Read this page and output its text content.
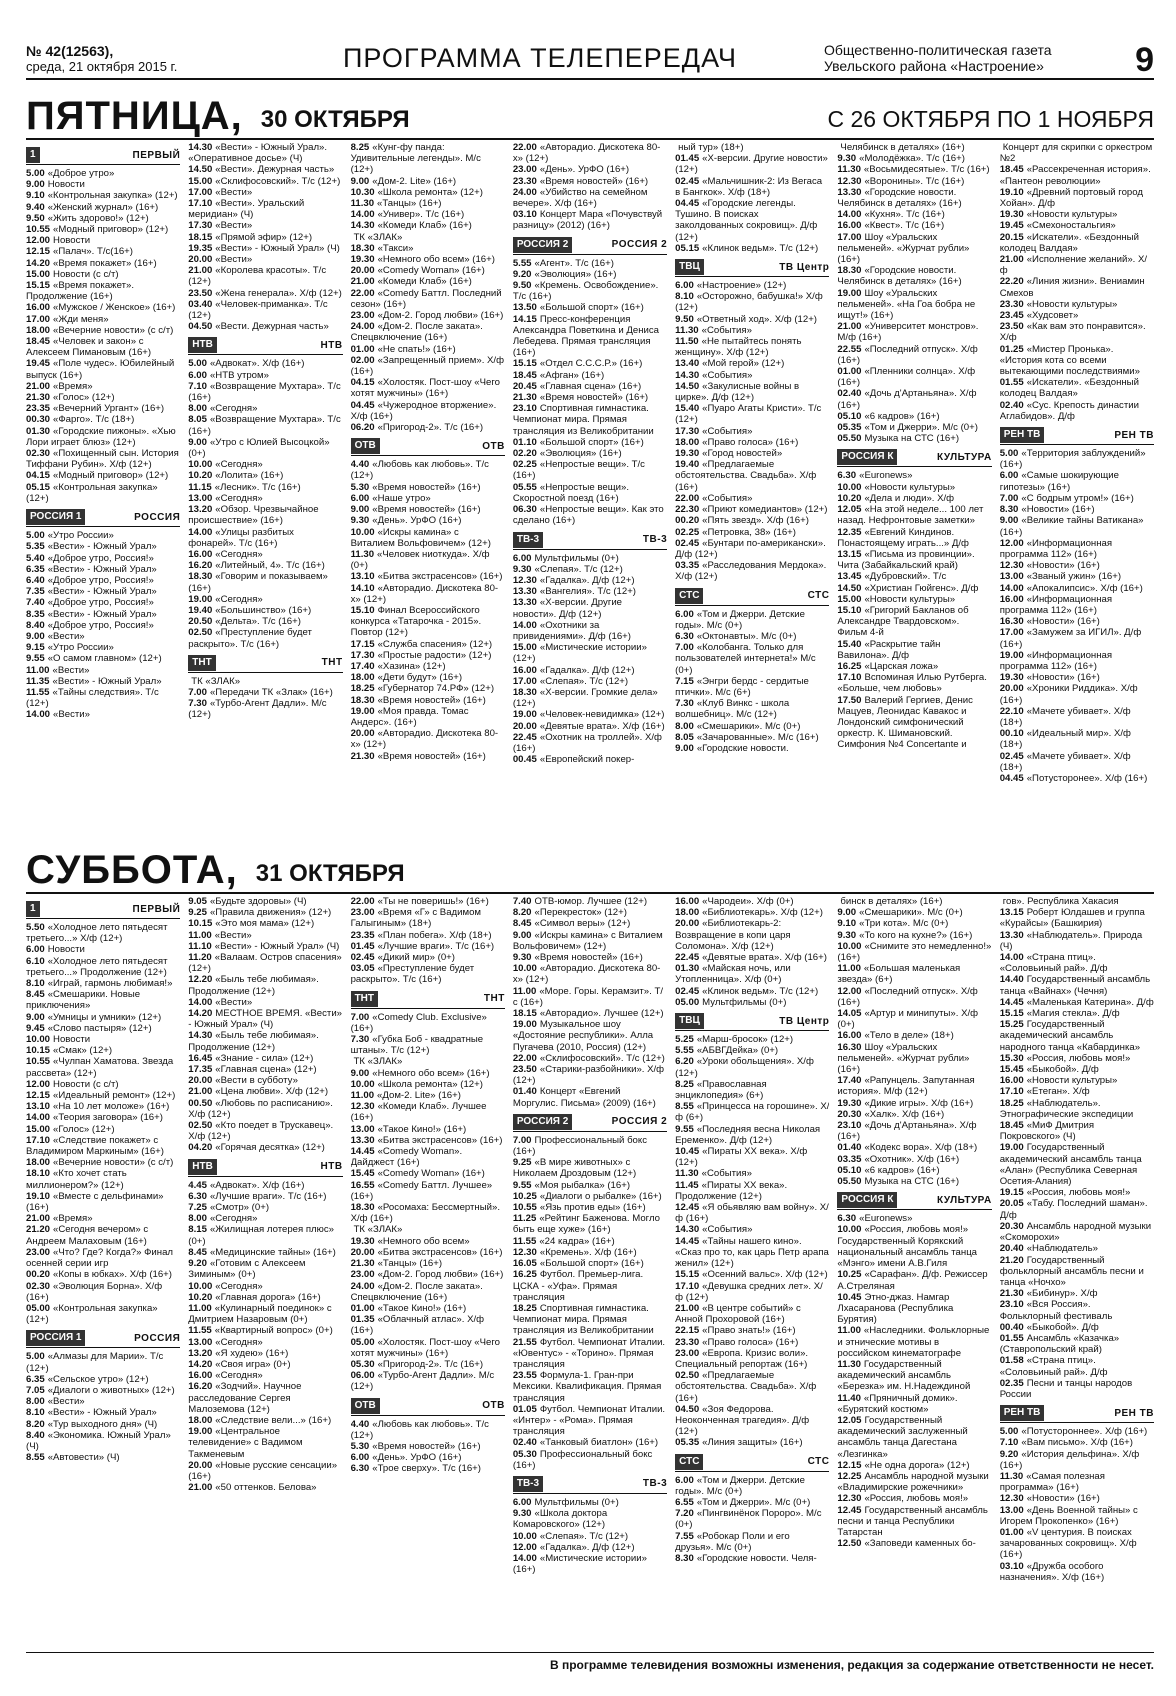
№ 42(12563),
среда, 21 октября 2015 г.	ПРОГРАММА ТЕЛЕПЕРЕДАЧ	Общественно-политическая газета Увельского района «Настроение»	9
ПЯТНИЦА, 30 ОКТЯБРЯ	С 26 ОКТЯБРЯ ПО 1 НОЯБРЯ
1	ПЕРВЫЙ

5.00 «Доброе утро»

9.00 Новости

9.10 «Контрольная закупка» (12+)

9.40 «Женский журнал» (16+)

9.50 «Жить здорово!» (12+)

10.55 «Модный приговор» (12+)

12.00 Новости

12.15 «Палач». Т/с(16+)

14.20 «Время покажет» (16+)

15.00 Новости (с с/т)

15.15 «Время покажет». Продолжение (16+)

16.00 «Мужское / Женское» (16+)

17.00 «Жди меня»

18.00 «Вечерние новости» (с с/т)

18.45 «Человек и закон» с Алексеем Пимановым (16+)

19.45 «Поле чудес». Юбилейный выпуск (16+)

21.00 «Время»

21.30 «Голос» (12+)

23.35 «Вечерний Ургант» (16+)

00.30 «Фарго». Т/с (18+)

01.30 «Городские пижоны». «Хью Лори играет блюз» (12+)

02.30 «Похищенный сын. История Тиффани Рубин». Х/ф (12+)

04.15 «Модный приговор» (12+)

05.15 «Контрольная закупка» (12+)

РОССИЯ 1	РОССИЯ

5.00 «Утро России»

5.35 «Вести» - Южный Урал»

5.40 «Доброе утро, Россия!»

6.35 «Вести» - Южный Урал»

6.40 «Доброе утро, Россия!»

7.35 «Вести» - Южный Урал»

7.40 «Доброе утро, Россия!»

8.35 «Вести» - Южный Урал»

8.40 «Доброе утро, Россия!»

9.00 «Вести»

9.15 «Утро России»

9.55 «О самом главном» (12+)

11.00 «Вести»

11.35 «Вести» - Южный Урал»

11.55 «Тайны следствия». Т/с (12+)

14.00 «Вести»

14.30 «Вести» - Южный Урал». «Оперативное досье» (Ч)

14.50 «Вести». Дежурная часть»

15.00 «Склифосовский». Т/с (12+)

17.00 «Вести»

17.10 «Вести». Уральский меридиан» (Ч)

17.30 «Вести»

18.15 «Прямой эфир» (12+)

19.35 «Вести» - Южный Урал» (Ч)

20.00 «Вести»

21.00 «Королева красоты». Т/с (12+)

23.50 «Жена генерала». Х/ф (12+)

03.40 «Человек-приманка». Т/с (12+)

04.50 «Вести. Дежурная часть»

НТВ	НТВ

5.00 «Адвокат». Х/ф (16+)

6.00 «НТВ утром»

7.10 «Возвращение Мухтара». Т/с (16+)

8.00 «Сегодня»

8.05 «Возвращение Мухтара». Т/с (16+)

9.00 «Утро с Юлией Высоцкой» (0+)

10.00 «Сегодня»

10.20 «Лолита» (16+)

11.15 «Лесник». Т/с (16+)

13.00 «Сегодня»

13.20 «Обзор. Чрезвычайное происшествие» (16+)

14.00 «Улицы разбитых фонарей». Т/с (16+)

16.00 «Сегодня»

16.20 «Литейный, 4». Т/с (16+)

18.30 «Говорим и показываем» (16+)

19.00 «Сегодня»

19.40 «Большинство» (16+)

20.50 «Дельта». Т/с (16+)

02.50 «Преступление будет раскрыто». Т/с (16+)

ТНТ	ТНТ

ТК «ЗЛАК»

7.00 «Передачи ТК «Злак» (16+)

7.30 «Турбо-Агент Дадли». М/с (12+)

8.25 «Кунг-фу панда: Удивительные легенды». М/с (12+)

9.00 «Дом-2. Lite» (16+)

10.30 «Школа ремонта» (12+)

11.30 «Танцы» (16+)

14.00 «Универ». Т/с (16+)

14.30 «Комеди Клаб» (16+)

ТК «ЗЛАК»

18.30 «Такси»

19.30 «Немного обо всем» (16+)

20.00 «Comedy Woman» (16+)

21.00 «Комеди Клаб» (16+)

22.00 «Comedy Баттл. Последний сезон» (16+)

23.00 «Дом-2. Город любви» (16+)

24.00 «Дом-2. После заката». Спецвключение (16+)

01.00 «Не спать!» (16+)

02.00 «Запрещенный прием». Х/ф (16+)

04.15 «Холостяк. Пост-шоу «Чего хотят мужчины» (16+)

04.45 «Чужеродное вторжение». Х/ф (16+)

06.20 «Пригород-2». Т/с (16+)

ОТВ	ОТВ

4.40 «Любовь как любовь». Т/с (12+)

5.30 «Время новостей» (16+)

6.00 «Наше утро»

9.00 «Время новостей» (16+)

9.30 «День». УрФО (16+)

10.00 «Искры камина» с Виталием Вольфовичем» (12+)

11.30 «Человек ниоткуда». Х/ф (0+)

13.10 «Битва экстрасенсов» (16+)

14.10 «Авторадио. Дискотека 80-х» (12+)

15.10 Финал Всероссийского конкурса «Татарочка - 2015». Повтор (12+)

17.15 «Служба спасения» (12+)

17.30 «Простые радости» (12+)

17.40 «Хазина» (12+)

18.00 «Дети будут» (16+)

18.25 «Губернатор 74.РФ» (12+)

18.30 «Время новостей» (16+)

19.00 «Моя правда. Томас Андерс». (16+)

20.00 «Авторадио. Дискотека 80-х» (12+)

21.30 «Время новостей» (16+)

22.00 «Авторадио. Дискотека 80-х» (12+)

23.00 «День». УрФО (16+)

23.30 «Время новостей» (16+)

24.00 «Убийство на семейном вечере». Х/ф (16+)

03.10 Концерт Мара «Почувствуй разницу» (2012) (16+)

РОССИЯ 2	РОССИЯ 2

5.55 «Агент». Т/с (16+)

9.20 «Эволюция» (16+)

9.50 «Кремень. Освобождение». Т/с (16+)

13.50 «Большой спорт» (16+)

14.15 Пресс-конференция Александра Поветкина и Дениса Лебедева. Прямая трансляция (16+)

15.15 «Отдел С.С.С.Р.» (16+)

18.45 «Афган» (16+)

20.45 «Главная сцена» (16+)

21.30 «Время новостей» (16+)

23.10 Спортивная гимнастика. Чемпионат мира. Прямая трансляция из Великобритании

01.10 «Большой спорт» (16+)

02.20 «Эволюция» (16+)

02.25 «Непростые вещи». Т/с (16+)

05.55 «Непростые вещи». Скоростной поезд (16+)

06.30 «Непростые вещи». Как это сделано (16+)

ТВ-3	ТВ-3

6.00 Мультфильмы (0+)

9.30 «Слепая». Т/с (12+)

12.30 «Гадалка». Д/ф (12+)

13.30 «Вангелия». Т/с (12+)

13.30 «Х-версии. Другие новости». Д/ф (12+)

14.00 «Охотники за привидениями». Д/ф (16+)

15.00 «Мистические истории» (12+)

16.00 «Гадалка». Д/ф (12+)

17.00 «Слепая». Т/с (12+)

18.30 «Х-версии. Громкие дела» (12+)

19.00 «Человек-невидимка» (12+)

20.00 «Девятые врата». Х/ф (16+)

22.45 «Охотник на троллей». Х/ф (16+)

00.45 «Европейский покер-

ный тур» (18+)

01.45 «Х-версии. Другие новости» (12+)

02.45 «Мальчишник-2: Из Вегаса в Бангкок». Х/ф (18+)

04.45 «Городские легенды. Тушино. В поисках заколдованных сокровищ». Д/ф (12+)

05.15 «Клинок ведьм». Т/с (12+)

ТВЦ	ТВ Центр

6.00 «Настроение» (12+)

8.10 «Осторожно, бабушка!» Х/ф (12+)

9.50 «Ответный ход». Х/ф (12+)

11.30 «События»

11.50 «Не пытайтесь понять женщину». Х/ф (12+)

13.40 «Мой герой» (12+)

14.30 «События»

14.50 «Закулисные войны в цирке». Д/ф (12+)

15.40 «Пуаро Агаты Кристи». Т/с (12+)

17.30 «События»

18.00 «Право голоса» (16+)

19.30 «Город новостей»

19.40 «Предлагаемые обстоятельства. Свадьба». Х/ф (16+)

22.00 «События»

22.30 «Приют комедиантов» (12+)

00.20 «Пять звезд». Х/ф (16+)

02.25 «Петровка, 38» (16+)

02.45 «Бунтари по-американски». Д/ф (12+)

03.35 «Расследования Мердока». Х/ф (12+)

СТС	СТС

6.00 «Том и Джерри. Детские годы». М/с (0+)

6.30 «Октонавты». М/с (0+)

7.00 «Колобанга. Только для пользователей интернета!» М/с (0+)

7.15 «Энгри бердс - сердитые птички». М/с (6+)

7.30 «Клуб Винкс - школа волшебниц». М/с (12+)

8.00 «Смешарики». М/с (0+)

8.05 «Зачарованные». М/с (16+)

9.00 «Городские новости.

Челябинск в деталях» (16+)

9.30 «Молодёжка». Т/с (16+)

11.30 «Восьмидесятые». Т/с (16+)

12.30 «Воронины». Т/с (16+)

13.30 «Городские новости. Челябинск в деталях» (16+)

14.00 «Кухня». Т/с (16+)

16.00 «Квест». Т/с (16+)

17.00 Шоу «Уральских пельменей». «Журчат рубли» (16+)

18.30 «Городские новости. Челябинск в деталях» (16+)

19.00 Шоу «Уральских пельменей». «На Гоа бобра не ищут!» (16+)

21.00 «Университет монстров». М/ф (16+)

22.55 «Последний отпуск». Х/ф (16+)

01.00 «Пленники солнца». Х/ф (16+)

02.40 «Дочь д'Артаньяна». Х/ф (16+)

05.10 «6 кадров» (16+)

05.35 «Том и Джерри». М/с (0+)

05.50 Музыка на СТС (16+)

РОССИЯ К	КУЛЬТУРА

6.30 «Euronews»

10.00 «Новости культуры»

10.20 «Дела и люди». Х/ф

12.05 «На этой неделе... 100 лет назад. Нефронтовые заметки»

12.35 «Евгений Киндинов. Понастоящему играть...» Д/ф

13.15 «Письма из провинции». Чита (Забайкальский край)

13.45 «Дубровский». Т/с

14.50 «Христиан Гюйгенс». Д/ф

15.00 «Новости культуры»

15.10 «Григорий Бакланов об Александре Твардовском». Фильм 4-й

15.40 «Раскрытие тайн Вавилона». Д/ф

16.25 «Царская ложа»

17.10 Вспоминая Илью Рутберга. «Больше, чем любовь»

17.50 Валерий Гергиев, Денис Мацуев, Леонидас Кавакос и Лондонский симфонический оркестр. К. Шимановский. Симфония №4 Concertante и

Концерт для скрипки с оркестром №2

18.45 «Рассекреченная история». «Пантеон революции»

19.10 «Древний портовый город Хойан». Д/ф

19.30 «Новости культуры»

19.45 «Смехоностальгия»

20.15 «Искатели». «Бездонный колодец Валдая»

21.00 «Исполнение желаний». Х/ф

22.20 «Линия жизни». Вениамин Смехов

23.30 «Новости культуры»

23.45 «Худсовет»

23.50 «Как вам это понравится». Х/ф

01.25 «Мистер Пронька». «История кота со всеми вытекающими последствиями»

01.55 «Искатели». «Бездонный колодец Валдая»

02.40 «Сус. Крепость династии Аглабидов». Д/ф

РЕН ТВ	РЕН ТВ

5.00 «Территория заблуждений» (16+)

6.00 «Самые шокирующие гипотезы» (16+)

7.00 «С бодрым утром!» (16+)

8.30 «Новости» (16+)

9.00 «Великие тайны Ватикана» (16+)

12.00 «Информационная программа 112» (16+)

12.30 «Новости» (16+)

13.00 «Званый ужин» (16+)

14.00 «Апокалипсис». Х/ф (16+)

16.00 «Информационная программа 112» (16+)

16.30 «Новости» (16+)

17.00 «Замужем за ИГИЛ». Д/ф (16+)

19.00 «Информационная программа 112» (16+)

19.30 «Новости» (16+)

20.00 «Хроники Риддика». Х/ф (16+)

22.10 «Мачете убивает». Х/ф (18+)

00.10 «Идеальный мир». Х/ф (18+)

02.45 «Мачете убивает». Х/ф (18+)

04.45 «Потусторонее». Х/ф (16+)

СУББОТА, 31 ОКТЯБРЯ
1	ПЕРВЫЙ

5.50 «Холодное лето пятьдесят третьего...» Х/ф (12+)

6.00 Новости

6.10 «Холодное лето пятьдесят третьего...» Продолжение (12+)

8.10 «Играй, гармонь любимая!»

8.45 «Смешарики. Новые приключения»

9.00 «Умницы и умники» (12+)

9.45 «Слово пастыря» (12+)

10.00 Новости

10.15 «Смак» (12+)

10.55 «Чулпан Хаматова. Звезда рассвета» (12+)

12.00 Новости (с с/т)

12.15 «Идеальный ремонт» (12+)

13.10 «На 10 лет моложе» (16+)

14.00 «Теория заговора» (16+)

15.00 «Голос» (12+)

17.10 «Следствие покажет» с Владимиром Маркиным» (16+)

18.00 «Вечерние новости» (с с/т)

18.10 «Кто хочет стать миллионером?» (12+)

19.10 «Вместе с дельфинами» (16+)

21.00 «Время»

21.20 «Сегодня вечером» с Андреем Малаховым (16+)

23.00 «Что? Где? Когда?» Финал осенней серии игр

00.20 «Копы в юбках». Х/ф (16+)

02.30 «Эволюция Борна». Х/ф (16+)

05.00 «Контрольная закупка» (12+)

РОССИЯ 1	РОССИЯ

5.00 «Алмазы для Марии». Т/с (12+)

6.35 «Сельское утро» (12+)

7.05 «Диалоги о животных» (12+)

8.00 «Вести»

8.10 «Вести» - Южный Урал»

8.20 «Тур выходного дня» (Ч)

8.40 «Экономика. Южный Урал» (Ч)

8.55 «Автовести» (Ч)

9.05 «Будьте здоровы» (Ч)

9.25 «Правила движения» (12+)

10.15 «Это моя мама» (12+)

11.00 «Вести»

11.10 «Вести» - Южный Урал» (Ч)

11.20 «Валаам. Остров спасения» (12+)

12.20 «Быль тебе любимая». Продолжение (12+)

14.00 «Вести»

14.20 МЕСТНОЕ ВРЕМЯ. «Вести» - Южный Урал» (Ч)

14.30 «Быль тебе любимая». Продолжение (12+)

16.45 «Знание - сила» (12+)

17.35 «Главная сцена» (12+)

20.00 «Вести в субботу»

21.00 «Цена любви». Х/ф (12+)

00.50 «Любовь по расписанию». Х/ф (12+)

02.50 «Кто поедет в Трускавец». Х/ф (12+)

04.20 «Горячая десятка» (12+)

НТВ	НТВ

4.45 «Адвокат». Х/ф (16+)

6.30 «Лучшие враги». Т/с (16+)

7.25 «Смотр» (0+)

8.00 «Сегодня»

8.15 «Жилищная лотерея плюс» (0+)

8.45 «Медицинские тайны» (16+)

9.20 «Готовим с Алексеем Зиминым» (0+)

10.00 «Сегодня»

10.20 «Главная дорога» (16+)

11.00 «Кулинарный поединок» с Дмитрием Назаровым (0+)

11.55 «Квартирный вопрос» (0+)

13.00 «Сегодня»

13.20 «Я худею» (16+)

14.20 «Своя игра» (0+)

16.00 «Сегодня»

16.20 «Зодчий». Научное расследование Сергея Малоземова (12+)

18.00 «Следствие вели...» (16+)

19.00 «Центральное телевидение» с Вадимом Такменевым

20.00 «Новые русские сенсации» (16+)

21.00 «50 оттенков. Белова»

22.00 «Ты не поверишь!» (16+)

23.00 «Время «Г» с Вадимом Галыгиным» (18+)

23.35 «План побега». Х/ф (18+)

01.45 «Лучшие враги». Т/с (16+)

02.45 «Дикий мир» (0+)

03.05 «Преступление будет раскрыто». Т/с (16+)

ТНТ	ТНТ

7.00 «Comedy Club. Exclusive» (16+)

7.30 «Губка Боб - квадратные штаны». Т/с (12+)

ТК «ЗЛАК»

9.00 «Немного обо всем» (16+)

10.00 «Школа ремонта» (12+)

11.00 «Дом-2. Lite» (16+)

12.30 «Комеди Клаб». Лучшее (16+)

13.00 «Такое Кино!» (16+)

13.30 «Битва экстрасенсов» (16+)

14.45 «Comedy Woman». Дайджест (16+)

15.45 «Comedy Woman» (16+)

16.55 «Comedy Баттл. Лучшее» (16+)

18.30 «Росомаха: Бессмертный». Х/ф (16+)

ТК «ЗЛАК»

19.30 «Немного обо всем»

20.00 «Битва экстрасенсов» (16+)

21.30 «Танцы» (16+)

23.00 «Дом-2. Город любви» (16+)

24.00 «Дом-2. После заката». Спецвключение (16+)

01.00 «Такое Кино!» (16+)

01.35 «Облачный атлас». Х/ф (16+)

05.00 «Холостяк. Пост-шоу «Чего хотят мужчины» (16+)

05.30 «Пригород-2». Т/с (16+)

06.00 «Турбо-Агент Дадли». М/с (12+)

ОТВ	ОТВ

4.40 «Любовь как любовь». Т/с (12+)

5.30 «Время новостей» (16+)

6.00 «День». УрФО (16+)

6.30 «Трое сверху». Т/с (16+)

7.40 ОТВ-юмор. Лучшее (12+)

8.20 «Перекресток» (12+)

8.45 «Символ веры» (12+)

9.00 «Искры камина» с Виталием Вольфовичем» (12+)

9.30 «Время новостей» (16+)

10.00 «Авторадио. Дискотека 80-х» (12+)

11.00 «Море. Горы. Керамзит». Т/с (16+)

18.15 «Авторадио». Лучшее (12+)

19.00 Музыкальное шоу «Достояние республики». Алла Пугачева (2010, Россия) (12+)

22.00 «Склифосовский». Т/с (12+)

23.50 «Старики-разбойники». Х/ф (12+)

01.40 Концерт «Евгений Моргулис. Письма» (2009) (16+)

РОССИЯ 2	РОССИЯ 2

7.00 Профессиональный бокс (16+)

9.25 «В мире животных» с Николаем Дроздовым (12+)

9.55 «Моя рыбалка» (16+)

10.25 «Диалоги о рыбалке» (16+)

10.55 «Язь против еды» (16+)

11.25 «Рейтинг Баженова. Могло быть еще хуже» (16+)

11.55 «24 кадра» (16+)

12.30 «Кремень». Х/ф (16+)

16.05 «Большой спорт» (16+)

16.25 Футбол. Премьер-лига. ЦСКА - «Уфа». Прямая трансляция

18.25 Спортивная гимнастика. Чемпионат мира. Прямая трансляция из Великобритании

21.55 Футбол. Чемпионат Италии. «Ювентус» - «Торино». Прямая трансляция

23.55 Формула-1. Гран-при Мексики. Квалификация. Прямая трансляция

01.05 Футбол. Чемпионат Италии. «Интер» - «Рома». Прямая трансляция

02.40 «Танковый биатлон» (16+)

05.30 Профессиональный бокс (16+)

ТВ-3	ТВ-3

6.00 Мультфильмы (0+)

9.30 «Школа доктора Комаровского» (12+)

10.00 «Слепая». Т/с (12+)

12.00 «Гадалка». Д/ф (12+)

14.00 «Мистические истории» (16+)

16.00 «Чародеи». Х/ф (0+)

18.00 «Библиотекарь». Х/ф (12+)

20.00 «Библиотекарь-2: Возвращение в копи царя Соломона». Х/ф (12+)

22.45 «Девятые врата». Х/ф (16+)

01.30 «Майская ночь, или Утопленница». Х/ф (0+)

02.45 «Клинок ведьм». Т/с (12+)

05.00 Мультфильмы (0+)

ТВЦ	ТВ Центр

5.25 «Марш-бросок» (12+)

5.55 «АБВГДейка» (0+)

6.20 «Уроки обольщения». Х/ф (12+)

8.25 «Православная энциклопедия» (6+)

8.55 «Принцесса на горошине». Х/ф (6+)

9.55 «Последняя весна Николая Еременко». Д/ф (12+)

10.45 «Пираты XX века». Х/ф (12+)

11.30 «События»

11.45 «Пираты XX века». Продолжение (12+)

12.45 «Я обьявляю вам войну». Х/ф (16+)

14.30 «События»

14.45 «Тайны нашего кино». «Сказ про то, как царь Петр арапа женил» (12+)

15.15 «Осенний вальс». Х/ф (12+)

17.10 «Девушка средних лет». Х/ф (12+)

21.00 «В центре событий» с Анной Прохоровой (16+)

22.15 «Право знать!» (16+)

23.30 «Право голоса» (16+)

23.00 «Европа. Кризис воли». Специальный репортаж (16+)

02.50 «Предлагаемые обстоятельства. Свадьба». Х/ф (16+)

04.50 «Зоя Федорова. Неоконченная трагедия». Д/ф (12+)

05.35 «Линия защиты» (16+)

СТС	СТС

6.00 «Том и Джерри. Детские годы». М/с (0+)

6.55 «Том и Джерри». М/с (0+)

7.20 «Пингвинёнок Пороро». М/с (0+)

7.55 «Робокар Поли и его друзья». М/с (0+)

8.30 «Городские новости. Челя-

бинск в деталях» (16+)

9.00 «Смешарики». М/с (0+)

9.10 «Три кота». М/с (0+)

9.30 «То кого на кухне?» (16+)

10.00 «Снимите это немедленно!» (16+)

11.00 «Большая маленькая звезда» (6+)

12.00 «Последний отпуск». Х/ф (16+)

14.05 «Артур и минипуты». Х/ф (0+)

16.00 «Тело в деле» (18+)

16.30 Шоу «Уральских пельменей». «Журчат рубли» (16+)

17.40 «Рапунцель. Запутанная история». М/ф (12+)

19.30 «Дикие игры». Х/ф (16+)

20.30 «Халк». Х/ф (16+)

23.10 «Дочь д'Артаньяна». Х/ф (16+)

01.40 «Кодекс вора». Х/ф (18+)

03.35 «Охотник». Х/ф (16+)

05.10 «6 кадров» (16+)

05.50 Музыка на СТС (16+)

РОССИЯ К	КУЛЬТУРА

6.30 «Euronews»

10.00 «Россия, любовь моя!» Государственный Корякский национальный ансамбль танца «Мэнго» имени А.В.Гиля

10.25 «Сарафан». Д/ф. Режиссер А.Стреляная

10.45 Этно-джаз. Намгар Лхасаранова (Республика Бурятия)

11.00 «Наследники. Фольклорные и этнические мотивы в российском кинематографе

11.30 Государственный академический ансамбль «Березка» им. Н.Надеждиной

11.40 «Пряничный домик». «Бурятский костюм»

12.05 Государственный академический заслуженный ансамбль танца Дагестана «Лезгинка»

12.15 «Не одна дорога» (12+)

12.25 Ансамбль народной музыки «Владимирские рожечники»

12.30 «Россия, любовь моя!»

12.45 Государственный ансамбль песни и танца Республики Татарстан

12.50 «Заповеди каменных бо-

гов». Республика Хакасия

13.15 Роберт Юлдашев и группа «Курайсы» (Башкирия)

13.30 «Наблюдатель». Природа (Ч)

14.00 «Страна птиц». «Соловьиный рай». Д/ф

14.40 Государственный ансамбль танца «Вайнах» (Чечня)

14.45 «Маленькая Катерина». Д/ф

15.15 «Магия стекла». Д/ф

15.25 Государственный академический ансамбль народного танца «Кабардинка»

15.30 «Россия, любовь моя!»

15.45 «Быкобой». Д/ф

16.00 «Новости культуры»

17.10 «Етеган». Х/ф

18.25 «Наблюдатель». Этнографические экспедиции

18.45 «МиФ Дмитрия Покровского» (Ч)

19.00 Государственный академический ансамбль танца «Алан» (Республика Северная Осетия-Алания)

19.15 «Россия, любовь моя!»

20.05 «Табу. Последний шаман». Д/ф

20.30 Ансамбль народной музыки «Скоморохи»

20.40 «Наблюдатель»

21.20 Государственный фольклорный ансамбль песни и танца «Ночхо»

21.30 «Бибинур». Х/ф

23.10 «Вся Россия». Фольклорный фестиваль

00.40 «Быкобой». Д/ф

01.55 Ансамбль «Казачка» (Ставропольский край)

01.58 «Страна птиц». «Соловьиный рай». Д/ф

02.35 Песни и танцы народов России

РЕН ТВ	РЕН ТВ

5.00 «Потустороннее». Х/ф (16+)

7.10 «Вам письмо». Х/ф (16+)

9.20 «История дельфина». Х/ф (16+)

11.30 «Самая полезная программа» (16+)

12.30 «Новости» (16+)

13.00 «День Военной тайны» с Игорем Прокопенко» (16+)

01.00 «V центурия. В поисках зачарованных сокровищ». Х/ф (16+)

03.10 «Дружба особого назначения». Х/ф (16+)

В программе телевидения возможны изменения, редакция за содержание ответственности не несет.
